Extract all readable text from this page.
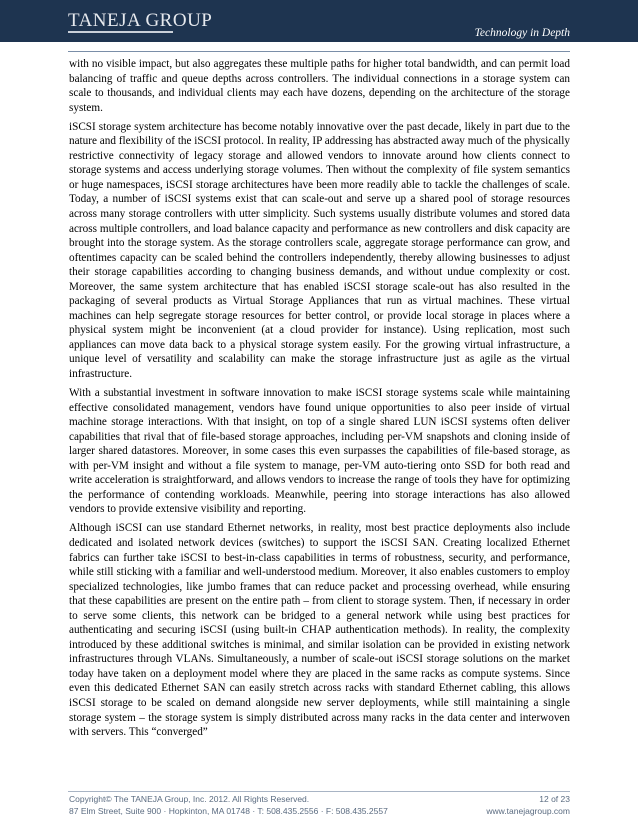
TANEJA GROUP
Technology in Depth

with no visible impact, but also aggregates these multiple paths for higher total bandwidth, and can permit load balancing of traffic and queue depths across controllers. The individual connections in a storage system can scale to thousands, and individual clients may each have dozens, depending on the architecture of the storage system.

iSCSI storage system architecture has become notably innovative over the past decade, likely in part due to the nature and flexibility of the iSCSI protocol. In reality, IP addressing has abstracted away much of the physically restrictive connectivity of legacy storage and allowed vendors to innovate around how clients connect to storage systems and access underlying storage volumes. Then without the complexity of file system semantics or huge namespaces, iSCSI storage architectures have been more readily able to tackle the challenges of scale. Today, a number of iSCSI systems exist that can scale-out and serve up a shared pool of storage resources across many storage controllers with utter simplicity. Such systems usually distribute volumes and stored data across multiple controllers, and load balance capacity and performance as new controllers and disk capacity are brought into the storage system. As the storage controllers scale, aggregate storage performance can grow, and oftentimes capacity can be scaled behind the controllers independently, thereby allowing businesses to adjust their storage capabilities according to changing business demands, and without undue complexity or cost. Moreover, the same system architecture that has enabled iSCSI storage scale-out has also resulted in the packaging of several products as Virtual Storage Appliances that run as virtual machines. These virtual machines can help segregate storage resources for better control, or provide local storage in places where a physical system might be inconvenient (at a cloud provider for instance). Using replication, most such appliances can move data back to a physical storage system easily. For the growing virtual infrastructure, a unique level of versatility and scalability can make the storage infrastructure just as agile as the virtual infrastructure.

With a substantial investment in software innovation to make iSCSI storage systems scale while maintaining effective consolidated management, vendors have found unique opportunities to also peer inside of virtual machine storage interactions. With that insight, on top of a single shared LUN iSCSI systems often deliver capabilities that rival that of file-based storage approaches, including per-VM snapshots and cloning inside of larger shared datastores. Moreover, in some cases this even surpasses the capabilities of file-based storage, as with per-VM insight and without a file system to manage, per-VM auto-tiering onto SSD for both read and write acceleration is straightforward, and allows vendors to increase the range of tools they have for optimizing the performance of contending workloads. Meanwhile, peering into storage interactions has also allowed vendors to provide extensive visibility and reporting.

Although iSCSI can use standard Ethernet networks, in reality, most best practice deployments also include dedicated and isolated network devices (switches) to support the iSCSI SAN. Creating localized Ethernet fabrics can further take iSCSI to best-in-class capabilities in terms of robustness, security, and performance, while still sticking with a familiar and well-understood medium. Moreover, it also enables customers to employ specialized technologies, like jumbo frames that can reduce packet and processing overhead, while ensuring that these capabilities are present on the entire path – from client to storage system. Then, if necessary in order to serve some clients, this network can be bridged to a general network while using best practices for authenticating and securing iSCSI (using built-in CHAP authentication methods). In reality, the complexity introduced by these additional switches is minimal, and similar isolation can be provided in existing network infrastructures through VLANs. Simultaneously, a number of scale-out iSCSI storage solutions on the market today have taken on a deployment model where they are placed in the same racks as compute systems. Since even this dedicated Ethernet SAN can easily stretch across racks with standard Ethernet cabling, this allows iSCSI storage to be scaled on demand alongside new server deployments, while still maintaining a single storage system – the storage system is simply distributed across many racks in the data center and interwoven with servers. This “converged”

Copyright© The TANEJA Group, Inc. 2012. All Rights Reserved.	12 of 23
87 Elm Street, Suite 900 · Hopkinton, MA 01748 · T: 508.435.2556 · F: 508.435.2557	www.tanejagroup.com
